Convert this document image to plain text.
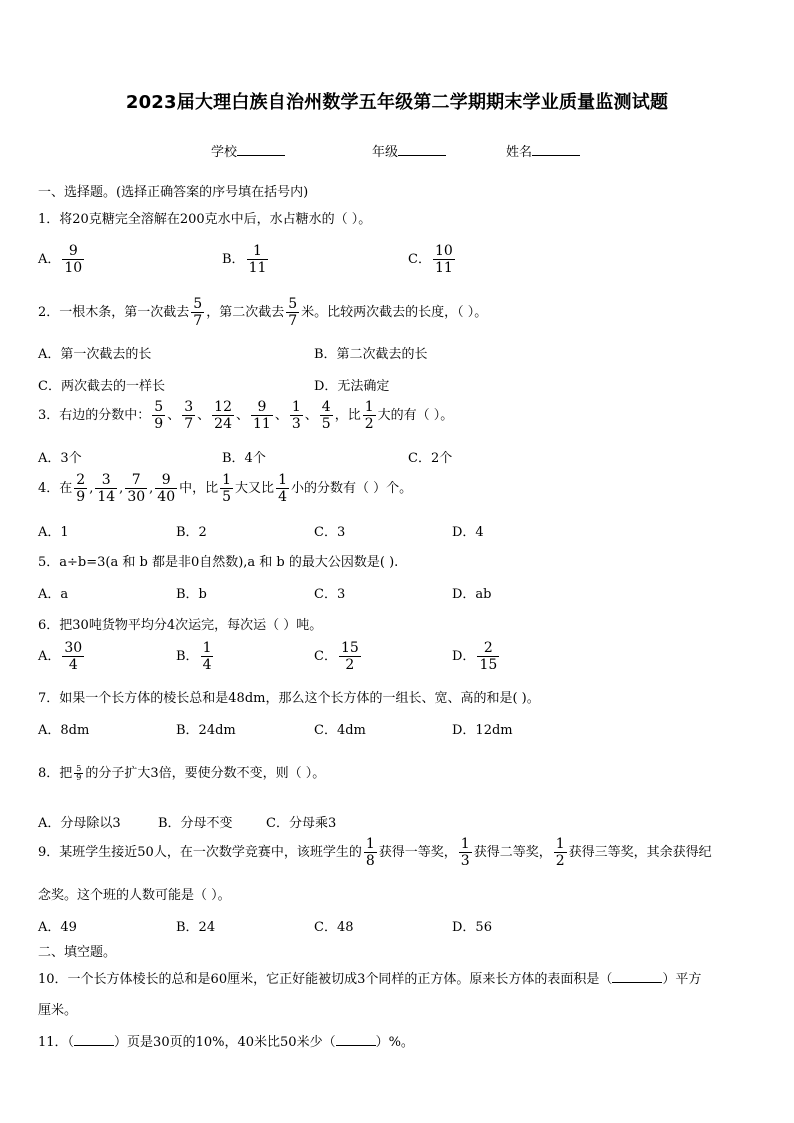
2023届大理白族自治州数学五年级第二学期期末学业质量监测试题
学校	年级	姓名
一、选择题。(选择正确答案的序号填在括号内)
1．将20克糖完全溶解在200克水中后，水占糖水的（ ）。
A． $\frac{9}{10}$	B． $\frac{1}{11}$	C． $\frac{10}{11}$
2．一根木条，第一次截去 $\frac{5}{7}$ ，第二次截去 $\frac{5}{7}$ 米。比较两次截去的长度，（ ）。
A．第一次截去的长	B．第二次截去的长
C．两次截去的一样长	D．无法确定
3．右边的分数中： $\frac{5}{9}$ 、 $\frac{3}{7}$ 、 $\frac{12}{24}$ 、 $\frac{9}{11}$ 、 $\frac{1}{3}$ 、 $\frac{4}{5}$ ，比 $\frac{1}{2}$ 大的有（ ）。
A．3个	B．4个	C．2个
4．在 $\frac{2}{9}$ , $\frac{3}{14}$ , $\frac{7}{30}$ , $\frac{9}{40}$ 中，比 $\frac{1}{5}$ 大又比 $\frac{1}{4}$ 小的分数有（ ）个。
A．1	B．2	C．3	D．4
5．a÷b=3(a 和 b 都是非0自然数),a 和 b 的最大公因数是( ).
A．a	B．b	C．3	D．ab
6．把30吨货物平均分4次运完，每次运（ ）吨。
A． $\frac{30}{4}$	B． $\frac{1}{4}$	C． $\frac{15}{2}$	D． $\frac{2}{15}$
7．如果一个长方体的棱长总和是48dm，那么这个长方体的一组长、宽、高的和是( )。
A．8dm	B．24dm	C．4dm	D．12dm
8．把 $\frac{5}{9}$ 的分子扩大3倍，要使分数不变，则（ ）。
A．分母除以3	B．分母不变	C．分母乘3
9．某班学生接近50人，在一次数学竞赛中，该班学生的 $\frac{1}{8}$ 获得一等奖， $\frac{1}{3}$ 获得二等奖， $\frac{1}{2}$ 获得三等奖，其余获得纪
念奖。这个班的人数可能是（ ）。
A．49	B．24	C．48	D．56
二、填空题。
10．一个长方体棱长的总和是60厘米，它正好能被切成3个同样的正方体。原来长方体的表面积是（	）平方
厘米。
11．（	）页是30页的10%，40米比50米少（	）%。
